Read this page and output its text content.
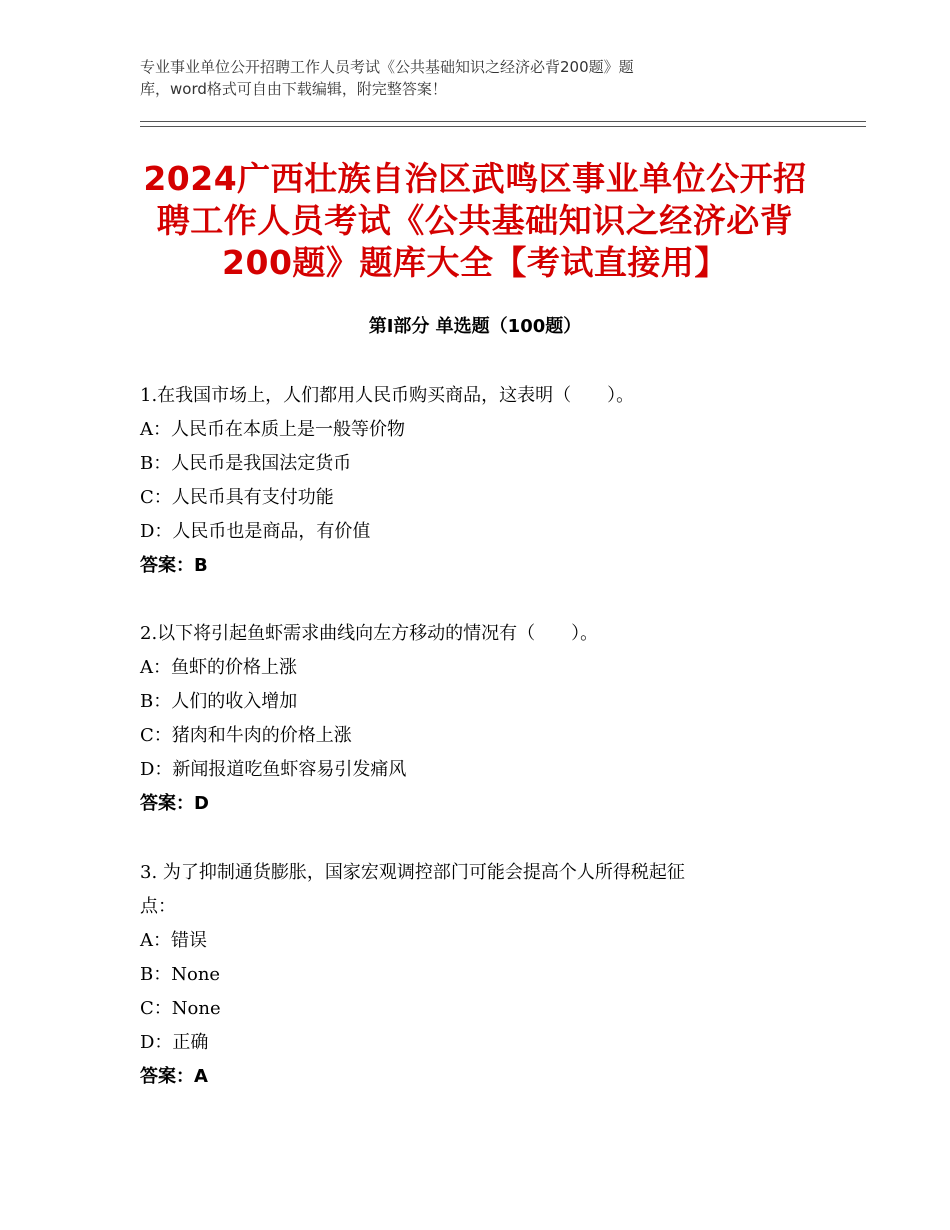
专业事业单位公开招聘工作人员考试《公共基础知识之经济必背200题》题
库，word格式可自由下载编辑，附完整答案！
2024广西壮族自治区武鸣区事业单位公开招
聘工作人员考试《公共基础知识之经济必背
200题》题库大全【考试直接用】
第Ⅰ部分 单选题（100题）
1.在我国市场上，人们都用人民币购买商品，这表明（　　）。
A：人民币在本质上是一般等价物
B：人民币是我国法定货币
C：人民币具有支付功能
D：人民币也是商品，有价值
答案：B
2.以下将引起鱼虾需求曲线向左方移动的情况有（　　）。
A：鱼虾的价格上涨
B：人们的收入增加
C：猪肉和牛肉的价格上涨
D：新闻报道吃鱼虾容易引发痛风
答案：D
3. 为了抑制通货膨胀，国家宏观调控部门可能会提高个人所得税起征
点：
A：错误
B：None
C：None
D：正确
答案：A
